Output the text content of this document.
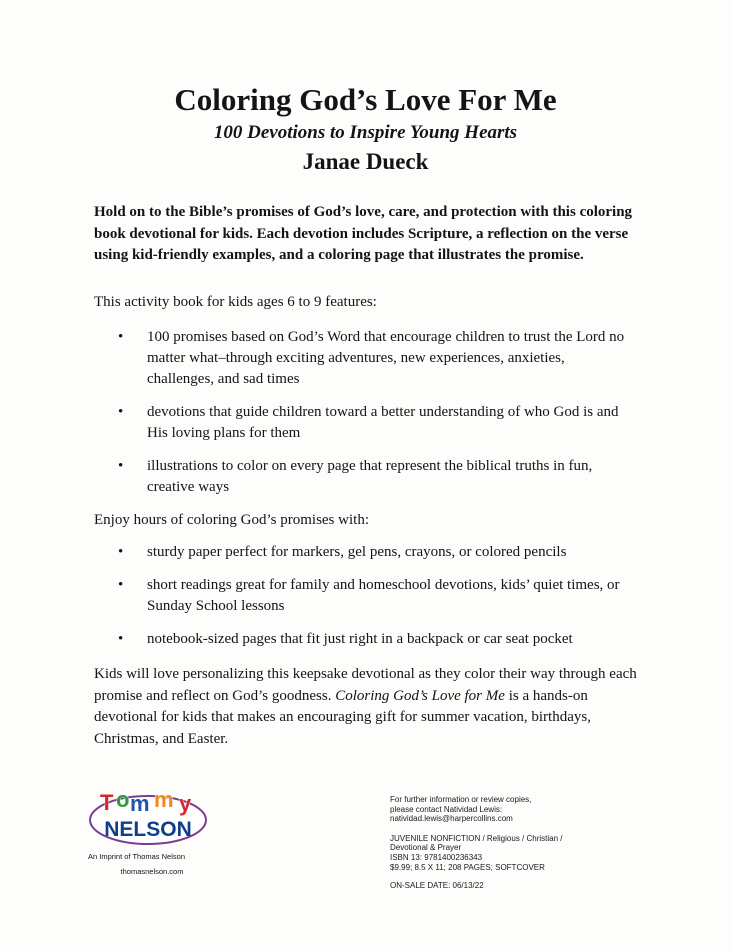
Coloring God’s Love For Me
100 Devotions to Inspire Young Hearts
Janae Dueck

Hold on to the Bible’s promises of God’s love, care, and protection with this coloring book devotional for kids. Each devotion includes Scripture, a reflection on the verse using kid-friendly examples, and a coloring page that illustrates the promise.

This activity book for kids ages 6 to 9 features:

• 100 promises based on God’s Word that encourage children to trust the Lord no matter what–through exciting adventures, new experiences, anxieties, challenges, and sad times
• devotions that guide children toward a better understanding of who God is and His loving plans for them
• illustrations to color on every page that represent the biblical truths in fun, creative ways

Enjoy hours of coloring God’s promises with:

• sturdy paper perfect for markers, gel pens, crayons, or colored pencils
• short readings great for family and homeschool devotions, kids’ quiet times, or Sunday School lessons
• notebook-sized pages that fit just right in a backpack or car seat pocket

Kids will love personalizing this keepsake devotional as they color their way through each promise and reflect on God’s goodness. Coloring God’s Love for Me is a hands-on devotional for kids that makes an encouraging gift for summer vacation, birthdays, Christmas, and Easter.

T o m m y
NELSON
An Imprint of Thomas Nelson
thomasnelson.com
For further information or review copies,
please contact Natividad Lewis:
natividad.lewis@harpercollins.com
JUVENILE NONFICTION / Religious / Christian /
Devotional & Prayer
ISBN 13: 9781400236343
$9.99; 8.5 X 11; 208 PAGES; SOFTCOVER
ON-SALE DATE: 06/13/22
